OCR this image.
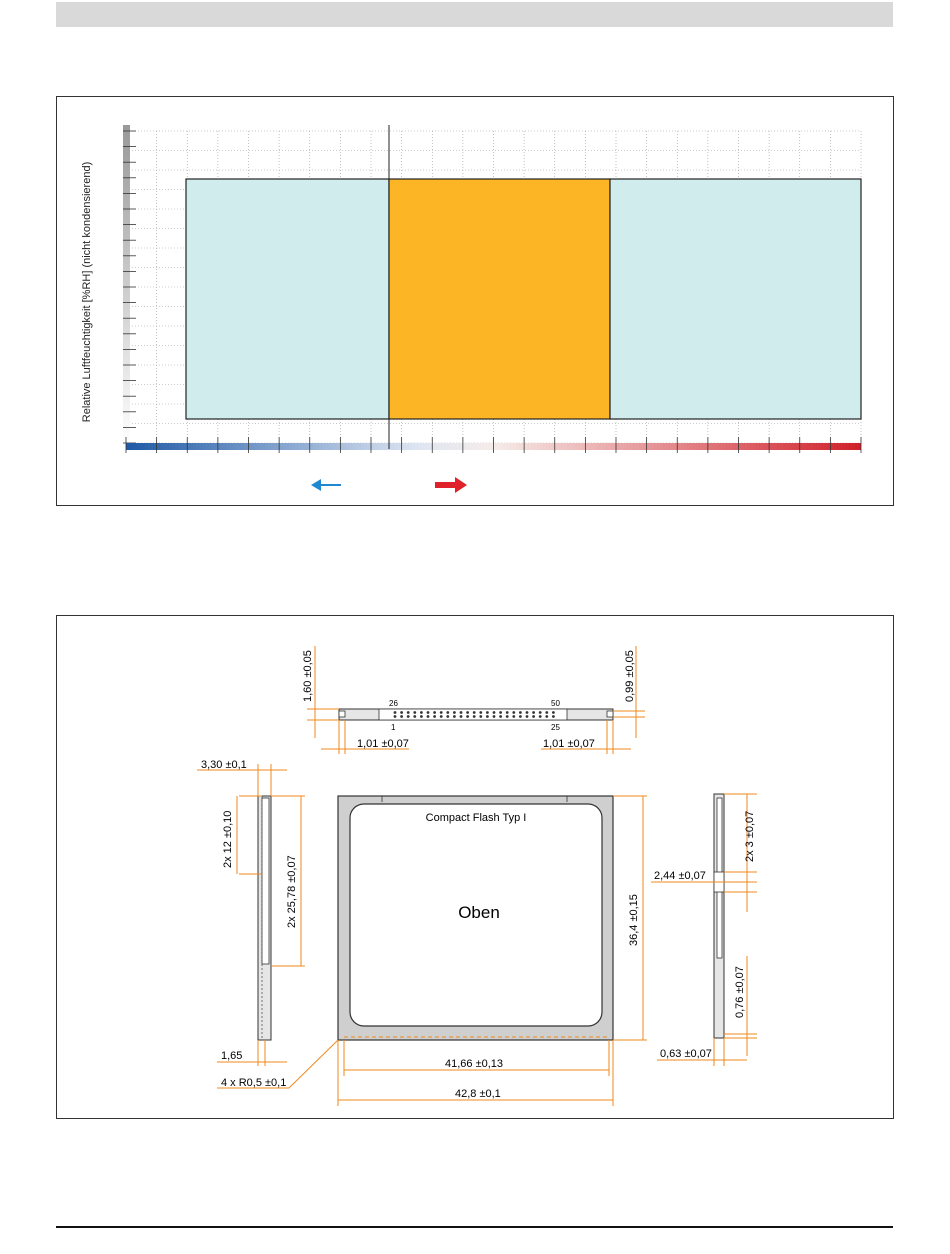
Relative Luftfeuchtigkeit [%RH] (nicht kondensierend)
26	50
1	25
1,60 ±0,05	0,99 ±0,05
1,01 ±0,07	1,01 ±0,07
3,30 ±0,1
2x 12 ±0,10
2x 25,78 ±0,07
1,65
Compact Flash Typ I
Oben	36,4 ±0,15
41,66 ±0,13
42,8 ±0,1
4 x R0,5 ±0,1
2x 3 ±0,07
2,44 ±0,07
0,76 ±0,07
0,63 ±0,07
